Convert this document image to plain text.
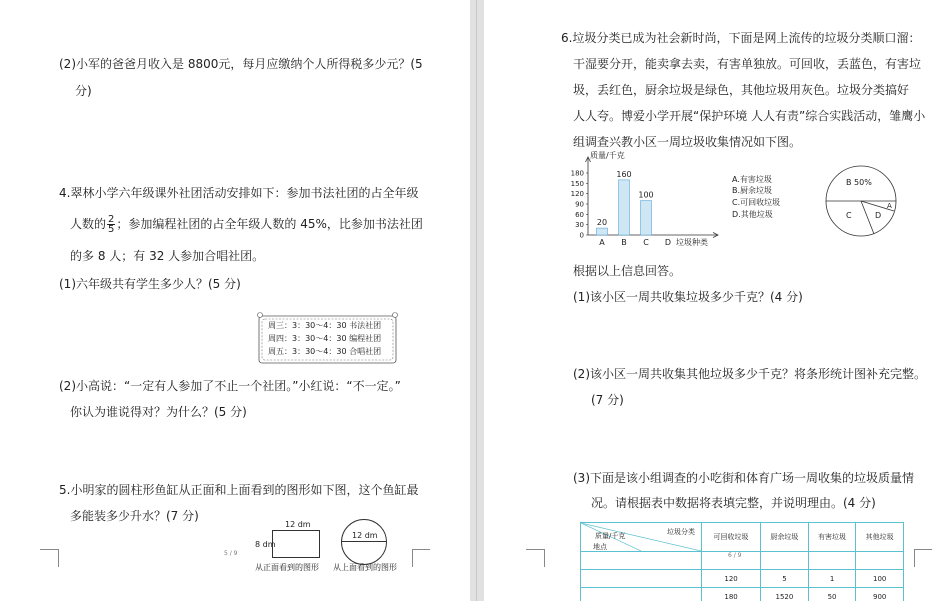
(2)小军的爸爸月收入是 8800元，每月应缴纳个人所得税多少元？(5
分)
4.翠林小学六年级课外社团活动安排如下：参加书法社团的占全年级
人数的 $\frac{2}{5}$ ；参加编程社团的占全年级人数的 45%，比参加书法社团
的多 8 人；有 32 人参加合唱社团。
(1)六年级共有学生多少人？(5 分)
周三：3：30～4：30 书法社团
周四：3：30～4：30 编程社团
周五：3：30～4：30 合唱社团
(2)小高说：“一定有人参加了不止一个社团。”小红说：“不一定。”
你认为谁说得对？为什么？(5 分)
5.小明家的圆柱形鱼缸从正面和上面看到的图形如下图，这个鱼缸最
多能装多少升水？(7 分)
12 dm
8 dm
从正面看到的图形
12 dm
从上面看到的图形
5 / 9
6.垃圾分类已成为社会新时尚，下面是网上流传的垃圾分类顺口溜：
干湿要分开，能卖拿去卖，有害单独放。可回收，丢蓝色，有害垃
圾，丢红色，厨余垃圾是绿色，其他垃圾用灰色。垃圾分类搞好
人人夸。博爱小学开展“保护环境 人人有责”综合实践活动，雏鹰小
组调查兴教小区一周垃圾收集情况如下图。
质量/千克
0
30
60
90
120
150
180
20
A
160
B
100
C D 垃圾种类
A.有害垃圾
B.厨余垃圾
C.可回收垃圾
D.其他垃圾
B 50%
A
C	D
根据以上信息回答。
(1)该小区一周共收集垃圾多少千克？(4 分)
(2)该小区一周共收集其他垃圾多少千克？将条形统计图补充完整。
(7 分)
(3)下面是该小组调查的小吃街和体育广场一周收集的垃圾质量情
况。请根据表中数据将表填完整，并说明理由。(4 分)
垃圾分类
质量/千克
地点	可回收垃圾	厨余垃圾	有害垃圾	其他垃圾

	120	5	1	100
	180	1520	50	900
6 / 9
